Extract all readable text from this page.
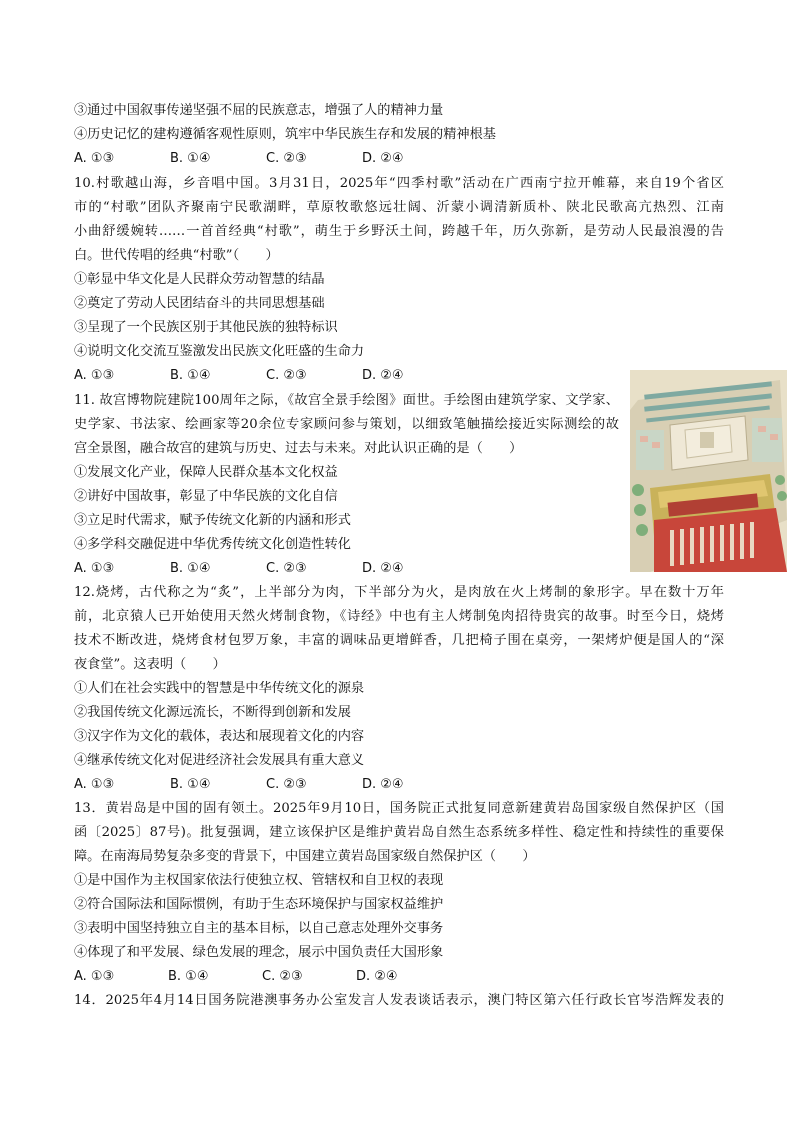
③通过中国叙事传递坚强不屈的民族意志，增强了人的精神力量
④历史记忆的建构遵循客观性原则，筑牢中华民族生存和发展的精神根基
A. ①③	B. ①④	C. ②③	D. ②④
10.村歌越山海，乡音唱中国。3月31日，2025年“四季村歌”活动在广西南宁拉开帷幕，来自19个省区
市的“村歌”团队齐聚南宁民歌湖畔，草原牧歌悠远壮阔、沂蒙小调清新质朴、陕北民歌高亢热烈、江南
小曲舒缓婉转……一首首经典“村歌”，萌生于乡野沃土间，跨越千年，历久弥新，是劳动人民最浪漫的告
白。世代传唱的经典“村歌”（　　）
①彰显中华文化是人民群众劳动智慧的结晶
②奠定了劳动人民团结奋斗的共同思想基础
③呈现了一个民族区别于其他民族的独特标识
④说明文化交流互鉴激发出民族文化旺盛的生命力
A. ①③	B. ①④	C. ②③	D. ②④
11. 故宫博物院建院100周年之际，《故宫全景手绘图》面世。手绘图由建筑学家、文学家、
史学家、书法家、绘画家等20余位专家顾问参与策划，以细致笔触描绘接近实际测绘的故
宫全景图，融合故宫的建筑与历史、过去与未来。对此认识正确的是（　　）
①发展文化产业，保障人民群众基本文化权益
②讲好中国故事，彰显了中华民族的文化自信
③立足时代需求，赋予传统文化新的内涵和形式
④多学科交融促进中华优秀传统文化创造性转化
A. ①③	B. ①④	C. ②③	D. ②④
12.烧烤，古代称之为“炙”，上半部分为肉，下半部分为火，是肉放在火上烤制的象形字。早在数十万年
前，北京猿人已开始使用天然火烤制食物，《诗经》中也有主人烤制兔肉招待贵宾的故事。时至今日，烧烤
技术不断改进，烧烤食材包罗万象，丰富的调味品更增鲜香，几把椅子围在桌旁，一架烤炉便是国人的“深
夜食堂”。这表明（　　）
①人们在社会实践中的智慧是中华传统文化的源泉
②我国传统文化源远流长，不断得到创新和发展
③汉字作为文化的载体，表达和展现着文化的内容
④继承传统文化对促进经济社会发展具有重大意义
A. ①③	B. ①④	C. ②③	D. ②④
13．黄岩岛是中国的固有领土。2025年9月10日，国务院正式批复同意新建黄岩岛国家级自然保护区（国
函〔2025〕87号)。批复强调，建立该保护区是维护黄岩岛自然生态系统多样性、稳定性和持续性的重要保
障。在南海局势复杂多变的背景下，中国建立黄岩岛国家级自然保护区（　　）
①是中国作为主权国家依法行使独立权、管辖权和自卫权的表现
②符合国际法和国际惯例，有助于生态环境保护与国家权益维护
③表明中国坚持独立自主的基本目标，以自己意志处理外交事务
④体现了和平发展、绿色发展的理念，展示中国负责任大国形象
A. ①③	B. ①④	C. ②③	D. ②④
14．2025年4月14日国务院港澳事务办公室发言人发表谈话表示，澳门特区第六任行政长官岑浩辉发表的
